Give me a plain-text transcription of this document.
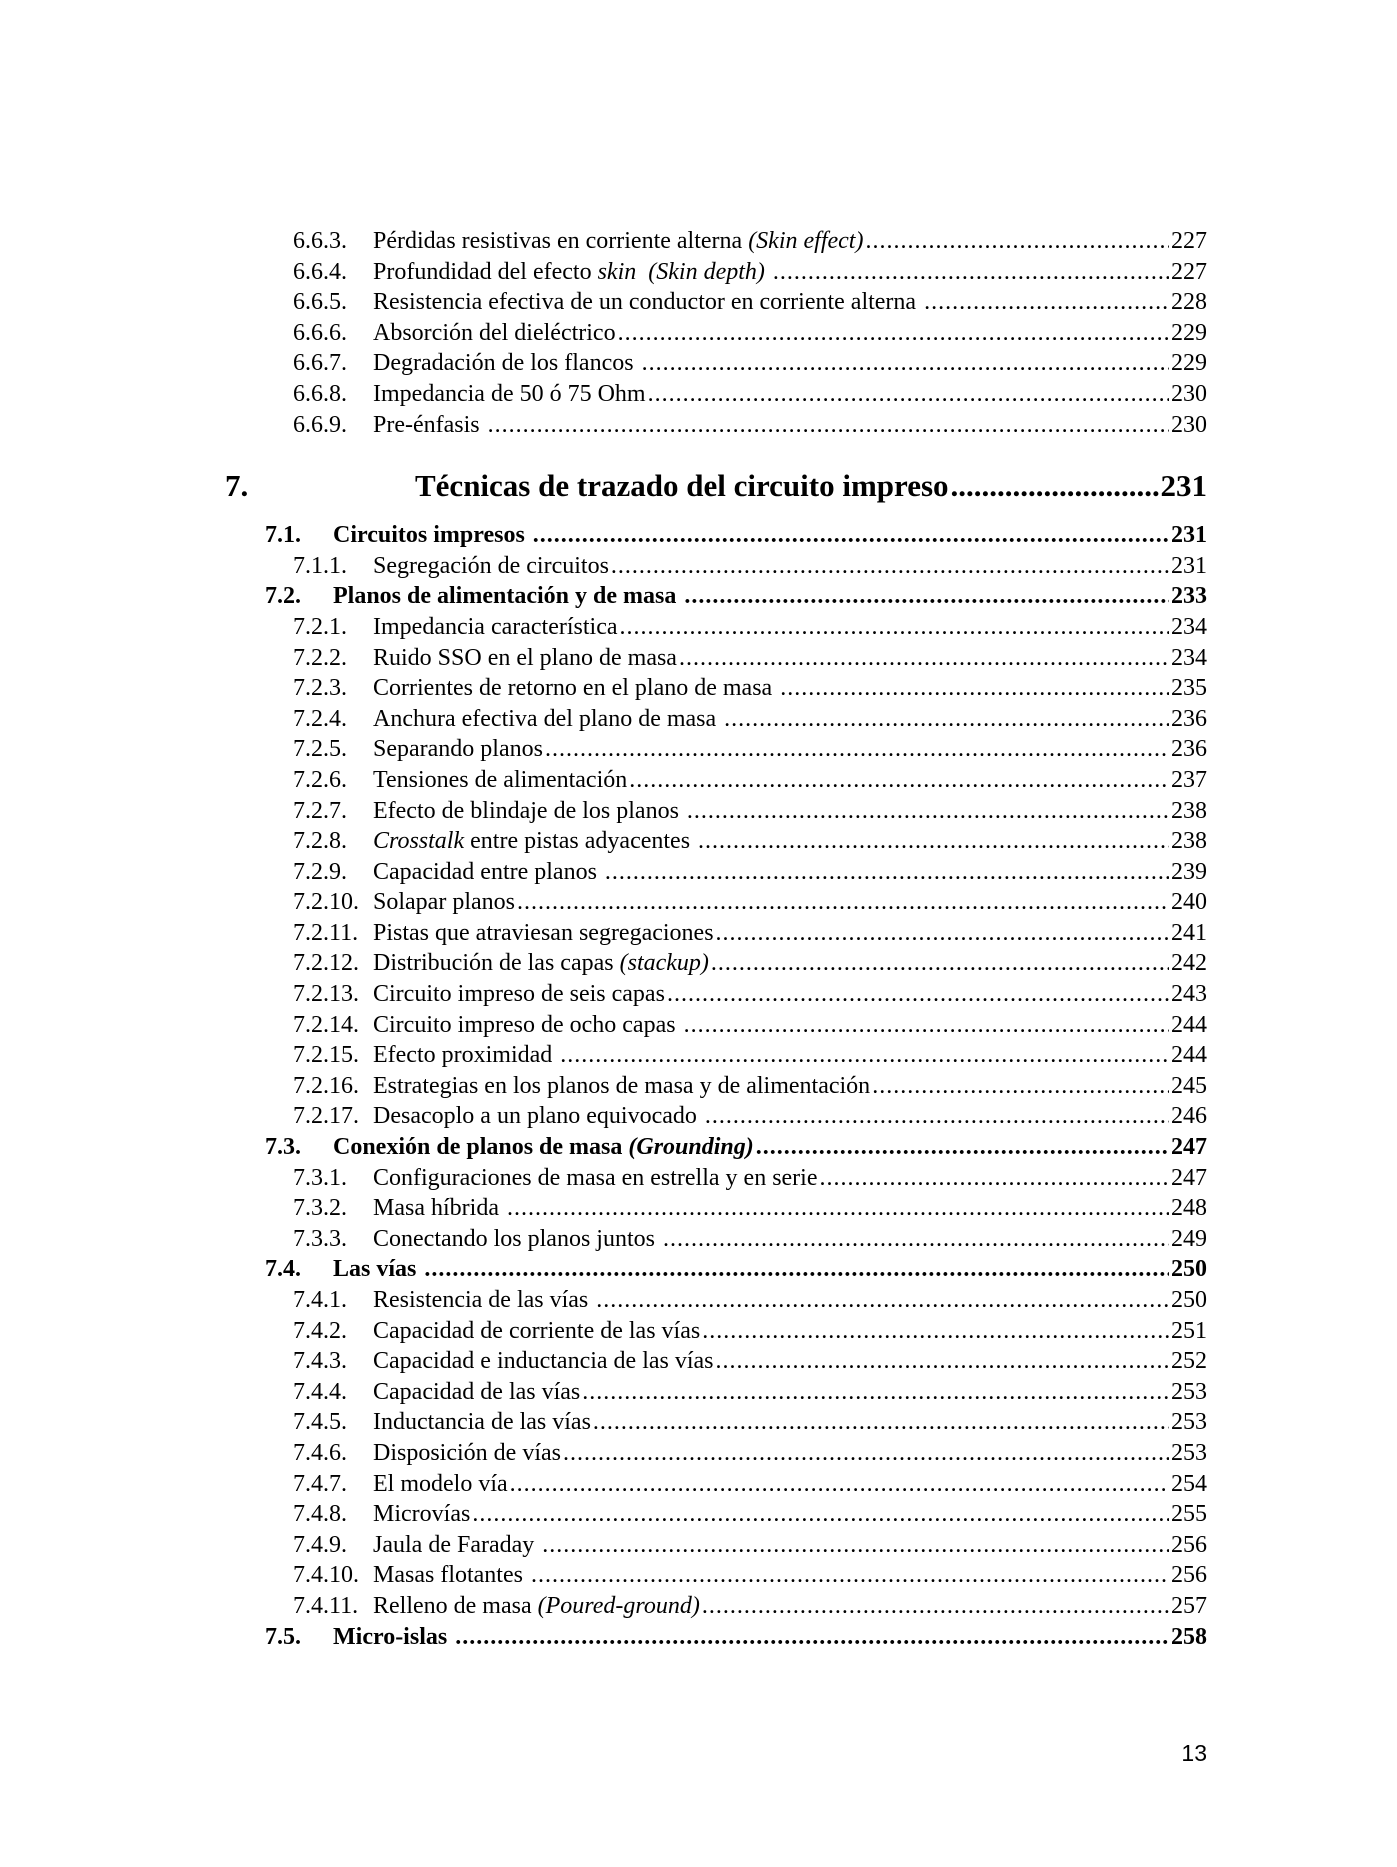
6.6.3.	Pérdidas resistivas en corriente alterna (Skin effect) .....	227
6.6.4.	Profundidad del efecto skin  (Skin depth) .....	227
6.6.5.	Resistencia efectiva de un conductor en corriente alterna .....	228
6.6.6.	Absorción del dieléctrico .....	229
6.6.7.	Degradación de los flancos .....	229
6.6.8.	Impedancia de 50 ó 75 Ohm .....	230
6.6.9.	Pre-énfasis .....	230
7.	Técnicas de trazado del circuito impreso .....	231
7.1.	Circuitos impresos .....	231
7.1.1.	Segregación de circuitos .....	231
7.2.	Planos de alimentación y de masa .....	233
7.2.1.	Impedancia característica .....	234
7.2.2.	Ruido SSO en el plano de masa .....	234
7.2.3.	Corrientes de retorno en el plano de masa .....	235
7.2.4.	Anchura efectiva del plano de masa .....	236
7.2.5.	Separando planos .....	236
7.2.6.	Tensiones de alimentación .....	237
7.2.7.	Efecto de blindaje de los planos .....	238
7.2.8.	Crosstalk entre pistas adyacentes .....	238
7.2.9.	Capacidad entre planos .....	239
7.2.10. Solapar planos .....	240
7.2.11. Pistas que atraviesan segregaciones .....	241
7.2.12. Distribución de las capas (stackup) .....	242
7.2.13. Circuito impreso de seis capas .....	243
7.2.14. Circuito impreso de ocho capas .....	244
7.2.15. Efecto proximidad .....	244
7.2.16. Estrategias en los planos de masa y de alimentación .....	245
7.2.17. Desacoplo a un plano equivocado .....	246
7.3.	Conexión de planos de masa (Grounding) .....	247
7.3.1.	Configuraciones de masa en estrella y en serie .....	247
7.3.2.	Masa híbrida .....	248
7.3.3.	Conectando los planos juntos .....	249
7.4.	Las vías .....	250
7.4.1.	Resistencia de las vías .....	250
7.4.2.	Capacidad de corriente de las vías .....	251
7.4.3.	Capacidad e inductancia de las vías .....	252
7.4.4.	Capacidad de las vías .....	253
7.4.5.	Inductancia de las vías .....	253
7.4.6.	Disposición de vías .....	253
7.4.7.	El modelo vía .....	254
7.4.8.	Microvías .....	255
7.4.9.	Jaula de Faraday .....	256
7.4.10. Masas flotantes .....	256
7.4.11. Relleno de masa (Poured-ground) .....	257
7.5.	Micro-islas .....	258
13
